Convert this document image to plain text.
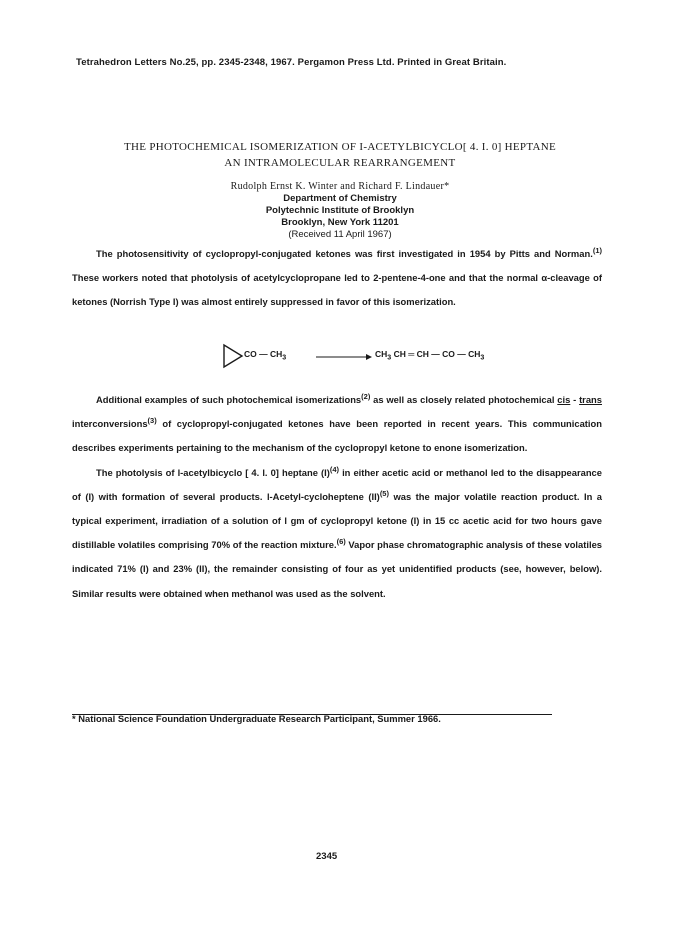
Tetrahedron Letters No.25, pp. 2345-2348, 1967. Pergamon Press Ltd. Printed in Great Britain.
THE PHOTOCHEMICAL ISOMERIZATION OF I-ACETYLBICYCLO[ 4. I. 0] HEPTANE
AN INTRAMOLECULAR REARRANGEMENT
Rudolph Ernst K. Winter and Richard F. Lindauer*
Department of Chemistry
Polytechnic Institute of Brooklyn
Brooklyn, New York 11201
(Received 11 April 1967)

The photosensitivity of cyclopropyl-conjugated ketones was first investigated in 1954 by Pitts and Norman.$^{(1)}$ These workers noted that photolysis of acetylcyclopropane led to 2-pentene-4-one and that the normal α-cleavage of ketones (Norrish Type I) was almost entirely suppressed in favor of this isomerization.

CO — $CH_3$	$CH_3$ CH ═ CH — CO — $CH_3$

Additional examples of such photochemical isomerizations$^{(2)}$ as well as closely related photochemical cis - trans interconversions$^{(3)}$ of cyclopropyl-conjugated ketones have been reported in recent years. This communication describes experiments pertaining to the mechanism of the cyclopropyl ketone to enone isomerization.

The photolysis of l-acetylbicyclo [ 4. l. 0] heptane $(I)^{(4)}$ in either acetic acid or methanol led to the disappearance of (I) with formation of several products. l-Acetyl-cycloheptene (II)$^{(5)}$ was the major volatile reaction product. In a typical experiment, irradiation of a solution of l gm of cyclopropyl ketone (I) in 15 cc acetic acid for two hours gave distillable volatiles comprising 70% of the reaction mixture.$^{(6)}$ Vapor phase chromatographic analysis of these volatiles indicated 71% (I) and 23% (II), the remainder consisting of four as yet unidentified products (see, however, below). Similar results were obtained when methanol was used as the solvent.

* National Science Foundation Undergraduate Research Participant, Summer 1966.
2345
